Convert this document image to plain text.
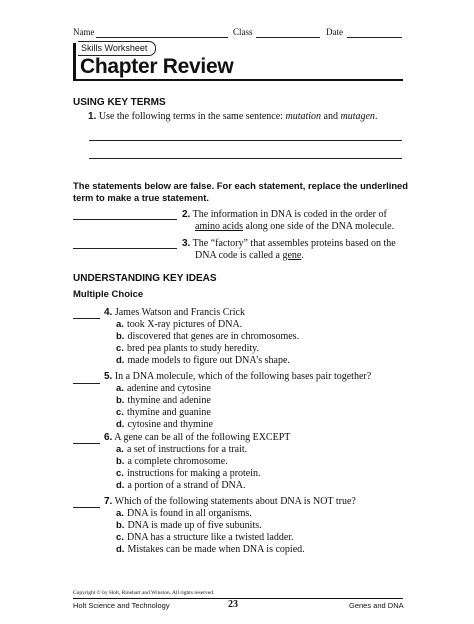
Name	Class	Date
Skills Worksheet
Chapter Review
USING KEY TERMS
1. Use the following terms in the same sentence: mutation and mutagen.
The statements below are false. For each statement, replace the underlined term to make a true statement.
2. The information in DNA is coded in the order of
amino acids along one side of the DNA molecule.
3. The “factory” that assembles proteins based on the
DNA code is called a gene.
UNDERSTANDING KEY IDEAS
Multiple Choice
4. James Watson and Francis Crick
a. took X-ray pictures of DNA.
b. discovered that genes are in chromosomes.
c. bred pea plants to study heredity.
d. made models to figure out DNA’s shape.
5. In a DNA molecule, which of the following bases pair together?
a. adenine and cytosine
b. thymine and adenine
c. thymine and guanine
d. cytosine and thymine
6. A gene can be all of the following EXCEPT
a. a set of instructions for a trait.
b. a complete chromosome.
c. instructions for making a protein.
d. a portion of a strand of DNA.
7. Which of the following statements about DNA is NOT true?
a. DNA is found in all organisms.
b. DNA is made up of five subunits.
c. DNA has a structure like a twisted ladder.
d. Mistakes can be made when DNA is copied.
Copyright © by Holt, Rinehart and Winston. All rights reserved.
Holt Science and Technology	23	Genes and DNA
